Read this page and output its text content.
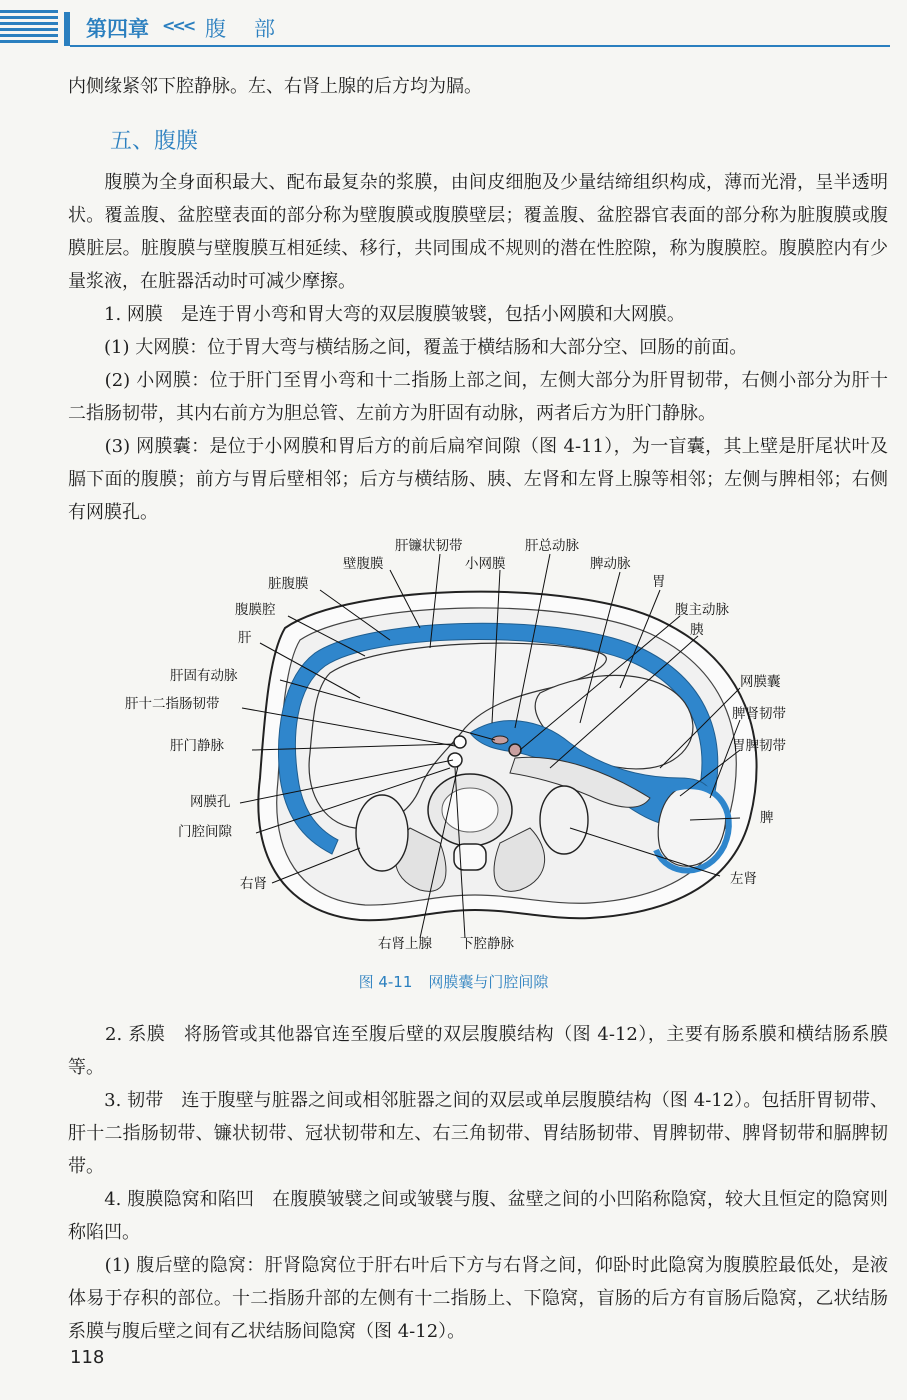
第四章 <<< 腹部

内侧缘紧邻下腔静脉。左、右肾上腺的后方均为膈。

五、腹膜

　　腹膜为全身面积最大、配布最复杂的浆膜，由间皮细胞及少量结缔组织构成，薄而光滑，呈半透明状。覆盖腹、盆腔壁表面的部分称为壁腹膜或腹膜壁层；覆盖腹、盆腔器官表面的部分称为脏腹膜或腹膜脏层。脏腹膜与壁腹膜互相延续、移行，共同围成不规则的潜在性腔隙，称为腹膜腔。腹膜腔内有少量浆液，在脏器活动时可减少摩擦。

　　1. 网膜　是连于胃小弯和胃大弯的双层腹膜皱襞，包括小网膜和大网膜。

　　(1) 大网膜：位于胃大弯与横结肠之间，覆盖于横结肠和大部分空、回肠的前面。

　　(2) 小网膜：位于肝门至胃小弯和十二指肠上部之间，左侧大部分为肝胃韧带，右侧小部分为肝十二指肠韧带，其内右前方为胆总管、左前方为肝固有动脉，两者后方为肝门静脉。

　　(3) 网膜囊：是位于小网膜和胃后方的前后扁窄间隙（图 4-11），为一盲囊，其上壁是肝尾状叶及膈下面的腹膜；前方与胃后壁相邻；后方与横结肠、胰、左肾和左肾上腺等相邻；左侧与脾相邻；右侧有网膜孔。

肝镰状韧带	肝总动脉
壁腹膜	小网膜	脾动脉
脏腹膜	胃
腹膜腔	腹主动脉
胰
肝
肝固有动脉	网膜囊
肝十二指肠韧带
脾肾韧带
肝门静脉	胃脾韧带
网膜孔
脾
门腔间隙
左肾
右肾
右肾上腺 下腔静脉
图 4-11 网膜囊与门腔间隙

　　2. 系膜　将肠管或其他器官连至腹后壁的双层腹膜结构（图 4-12），主要有肠系膜和横结肠系膜等。

　　3. 韧带　连于腹壁与脏器之间或相邻脏器之间的双层或单层腹膜结构（图 4-12）。包括肝胃韧带、肝十二指肠韧带、镰状韧带、冠状韧带和左、右三角韧带、胃结肠韧带、胃脾韧带、脾肾韧带和膈脾韧带。

　　4. 腹膜隐窝和陷凹　在腹膜皱襞之间或皱襞与腹、盆壁之间的小凹陷称隐窝，较大且恒定的隐窝则称陷凹。

　　(1) 腹后壁的隐窝：肝肾隐窝位于肝右叶后下方与右肾之间，仰卧时此隐窝为腹膜腔最低处，是液体易于存积的部位。十二指肠升部的左侧有十二指肠上、下隐窝，盲肠的后方有盲肠后隐窝，乙状结肠系膜与腹后壁之间有乙状结肠间隐窝（图 4-12）。

118
